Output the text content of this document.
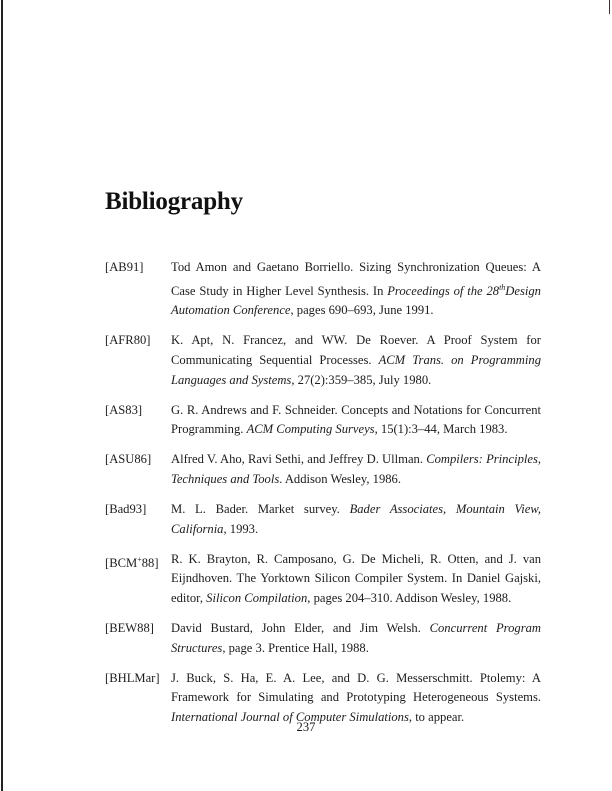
Bibliography
[AB91]	Tod Amon and Gaetano Borriello. Sizing Synchronization Queues: A Case Study in Higher Level Synthesis. In Proceedings of the 28thDesign Automation Conference, pages 690–693, June 1991.
[AFR80]	K. Apt, N. Francez, and WW. De Roever. A Proof System for Communicating Sequential Processes. ACM Trans. on Programming Languages and Systems, 27(2):359–385, July 1980.
[AS83]	G. R. Andrews and F. Schneider. Concepts and Notations for Concurrent Programming. ACM Computing Surveys, 15(1):3–44, March 1983.
[ASU86]	Alfred V. Aho, Ravi Sethi, and Jeffrey D. Ullman. Compilers: Principles, Techniques and Tools. Addison Wesley, 1986.
[Bad93]	M. L. Bader. Market survey. Bader Associates, Mountain View, California, 1993.
[BCM+88] R. K. Brayton, R. Camposano, G. De Micheli, R. Otten, and J. van Eijndhoven. The Yorktown Silicon Compiler System. In Daniel Gajski, editor, Silicon Compilation, pages 204–310. Addison Wesley, 1988.
[BEW88]	David Bustard, John Elder, and Jim Welsh. Concurrent Program Structures, page 3. Prentice Hall, 1988.
[BHLMar] J. Buck, S. Ha, E. A. Lee, and D. G. Messerschmitt. Ptolemy: A Framework for Simulating and Prototyping Heterogeneous Systems. International Journal of Computer Simulations, to appear.
237
